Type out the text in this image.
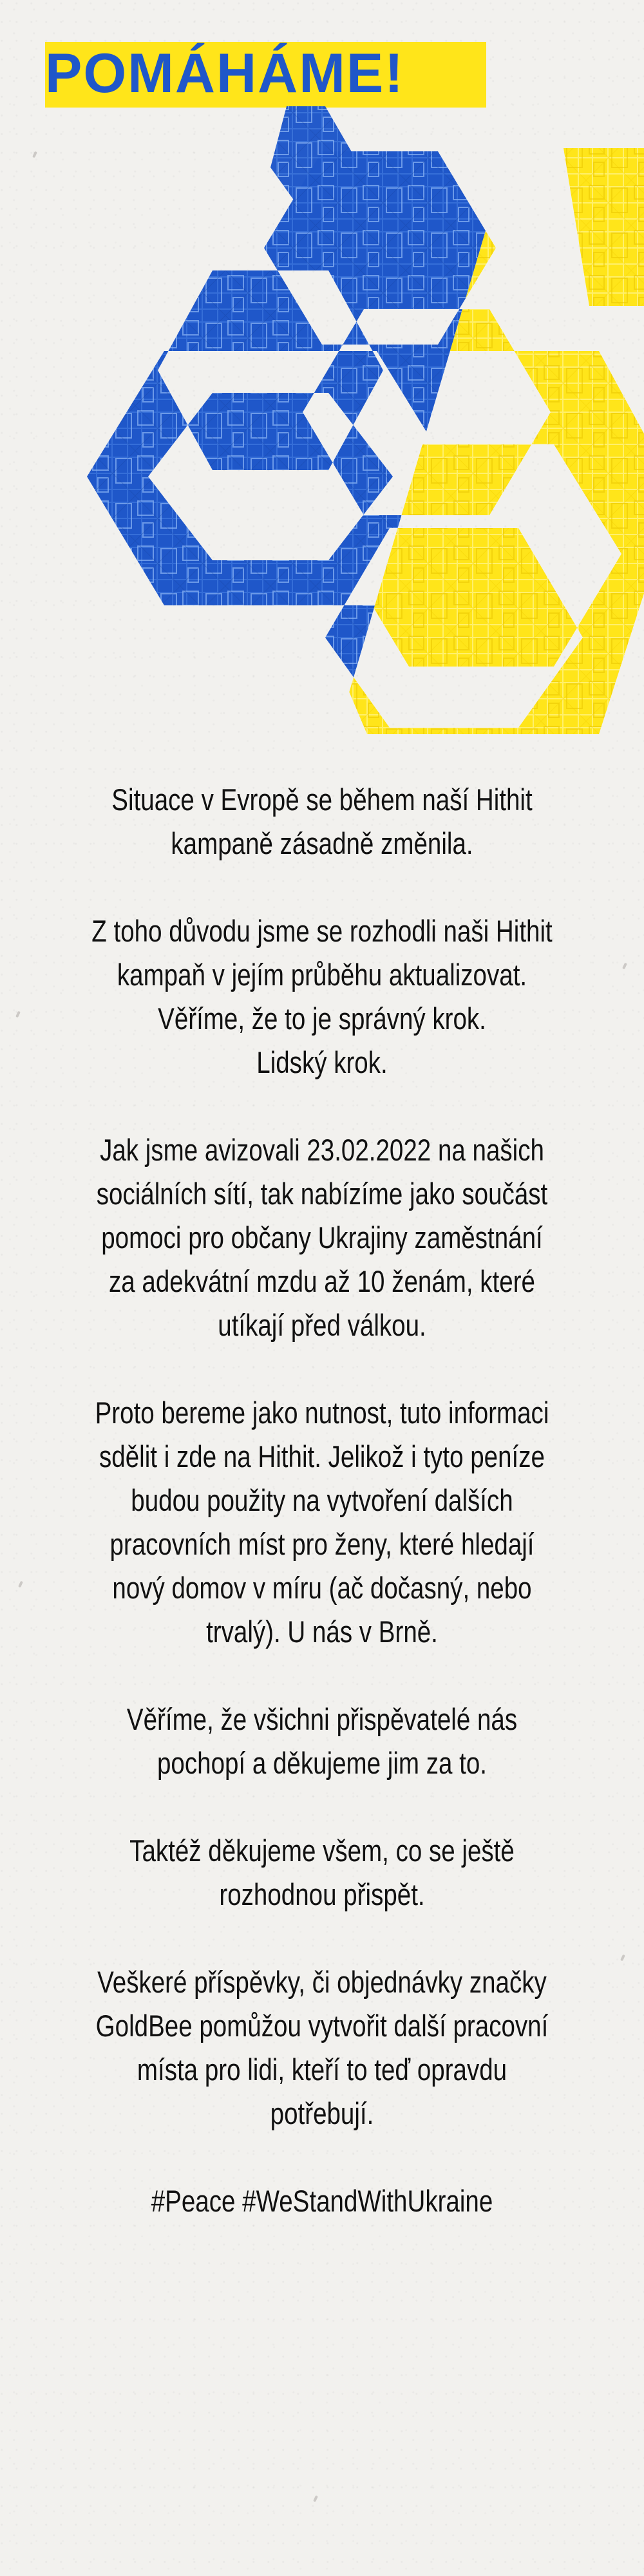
POMÁHÁME!

Situace v Evropě se během naší Hithit
kampaně zásadně změnila.

Z toho důvodu jsme se rozhodli naši Hithit
kampaň v jejím průběhu aktualizovat.
Věříme, že to je správný krok.
Lidský krok.

Jak jsme avizovali 23.02.2022 na našich
sociálních sítí, tak nabízíme jako součást
pomoci pro občany Ukrajiny zaměstnání
za adekvátní mzdu až 10 ženám, které
utíkají před válkou.

Proto bereme jako nutnost, tuto informaci
sdělit i zde na Hithit. Jelikož i tyto peníze
budou použity na vytvoření dalších
pracovních míst pro ženy, které hledají
nový domov v míru (ač dočasný, nebo
trvalý). U nás v Brně.

Věříme, že všichni přispěvatelé nás
pochopí a děkujeme jim za to.

Taktéž děkujeme všem, co se ještě
rozhodnou přispět.

Veškeré příspěvky, či objednávky značky
GoldBee pomůžou vytvořit další pracovní
místa pro lidi, kteří to teď opravdu
potřebují.

#Peace #WeStandWithUkraine
